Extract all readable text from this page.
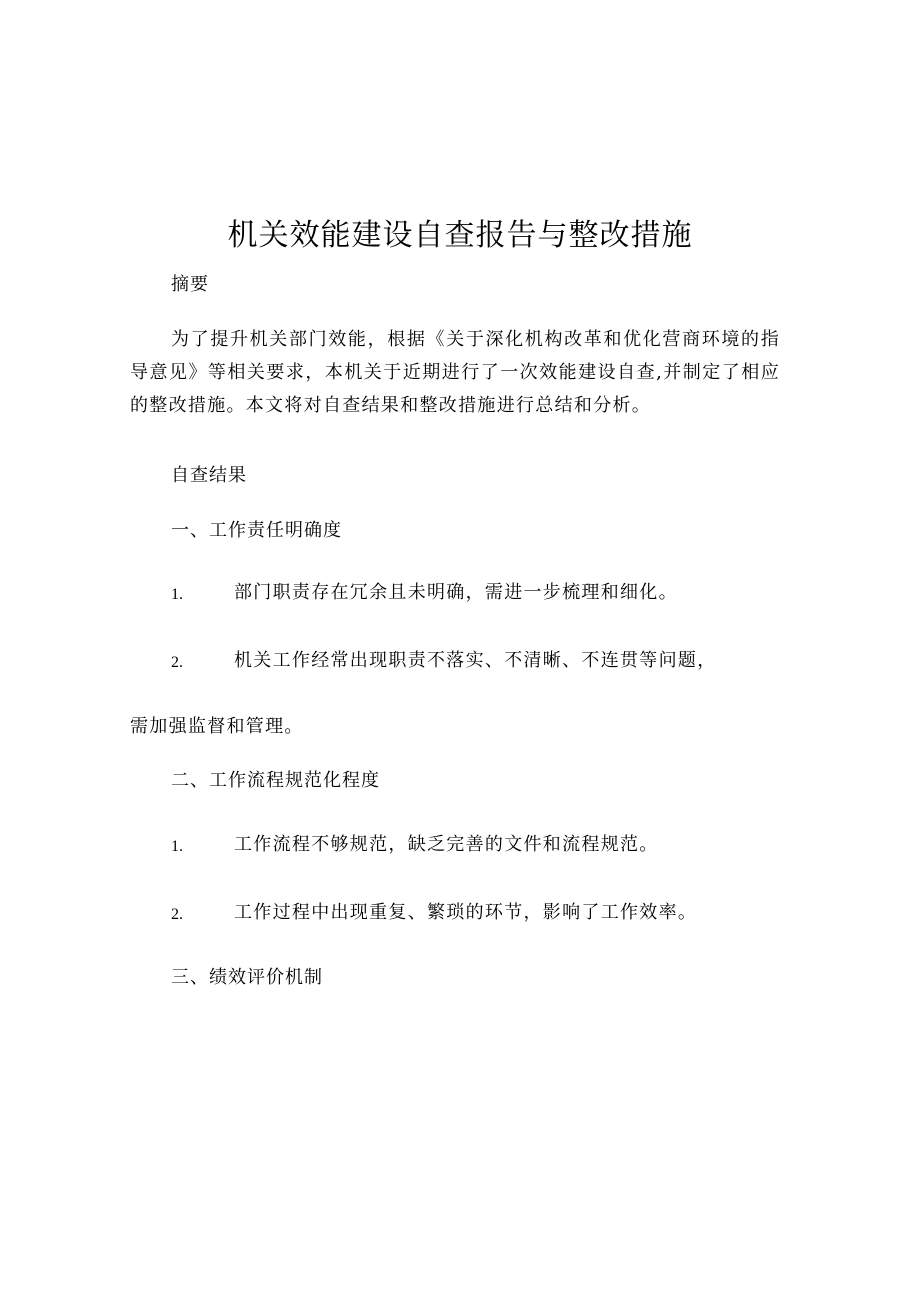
机关效能建设自查报告与整改措施
摘要
为了提升机关部门效能，根据《关于深化机构改革和优化营商环境的指导意见》等相关要求，本机关于近期进行了一次效能建设自查,并制定了相应的整改措施。本文将对自查结果和整改措施进行总结和分析。
自查结果
一、工作责任明确度
1.	部门职责存在冗余且未明确，需进一步梳理和细化。
2.	机关工作经常出现职责不落实、不清晰、不连贯等问题，
需加强监督和管理。
二、工作流程规范化程度
1.	工作流程不够规范，缺乏完善的文件和流程规范。
2.	工作过程中出现重复、繁琐的环节，影响了工作效率。
三、绩效评价机制
